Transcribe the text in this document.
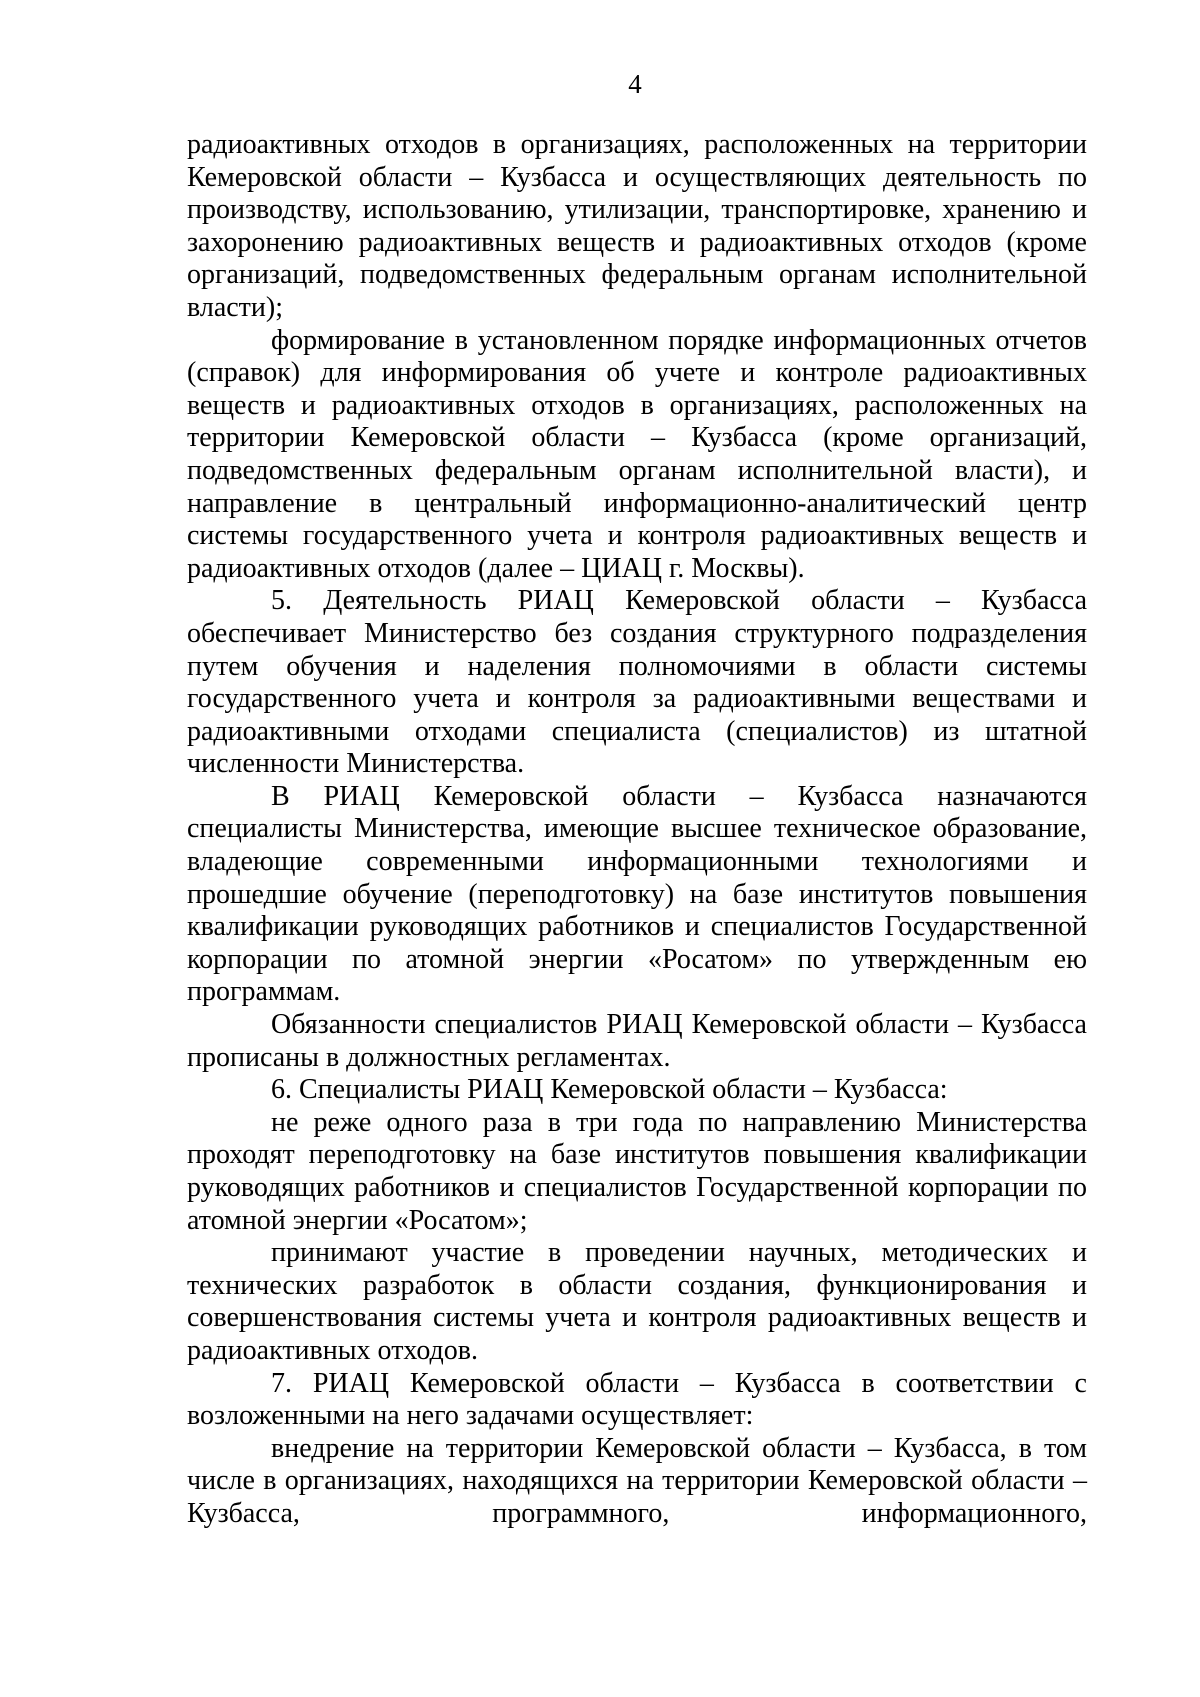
4

радиоактивных отходов в организациях, расположенных на территории Кемеровской области – Кузбасса и осуществляющих деятельность по производству, использованию, утилизации, транспортировке, хранению и захоронению радиоактивных веществ и радиоактивных отходов (кроме организаций, подведомственных федеральным органам исполнительной власти);

формирование в установленном порядке информационных отчетов (справок) для информирования об учете и контроле радиоактивных веществ и радиоактивных отходов в организациях, расположенных на территории Кемеровской области – Кузбасса (кроме организаций, подведомственных федеральным органам исполнительной власти), и направление в центральный информационно-аналитический центр системы государственного учета и контроля радиоактивных веществ и радиоактивных отходов (далее – ЦИАЦ г. Москвы).

5. Деятельность РИАЦ Кемеровской области – Кузбасса обеспечивает Министерство без создания структурного подразделения путем обучения и наделения полномочиями в области системы государственного учета и контроля за радиоактивными веществами и радиоактивными отходами специалиста (специалистов) из штатной численности Министерства.

В РИАЦ Кемеровской области – Кузбасса назначаются специалисты Министерства, имеющие высшее техническое образование, владеющие современными информационными технологиями и прошедшие обучение (переподготовку) на базе институтов повышения квалификации руководящих работников и специалистов Государственной корпорации по атомной энергии «Росатом» по утвержденным ею программам.

Обязанности специалистов РИАЦ Кемеровской области – Кузбасса прописаны в должностных регламентах.

6. Специалисты РИАЦ Кемеровской области – Кузбасса:

не реже одного раза в три года по направлению Министерства проходят переподготовку на базе институтов повышения квалификации руководящих работников и специалистов Государственной корпорации по атомной энергии «Росатом»;

принимают участие в проведении научных, методических и технических разработок в области создания, функционирования и совершенствования системы учета и контроля радиоактивных веществ и радиоактивных отходов.

7. РИАЦ Кемеровской области – Кузбасса в соответствии с возложенными на него задачами осуществляет:

внедрение на территории Кемеровской области – Кузбасса, в том числе в организациях, находящихся на территории Кемеровской области – Кузбасса, программного, информационного,
